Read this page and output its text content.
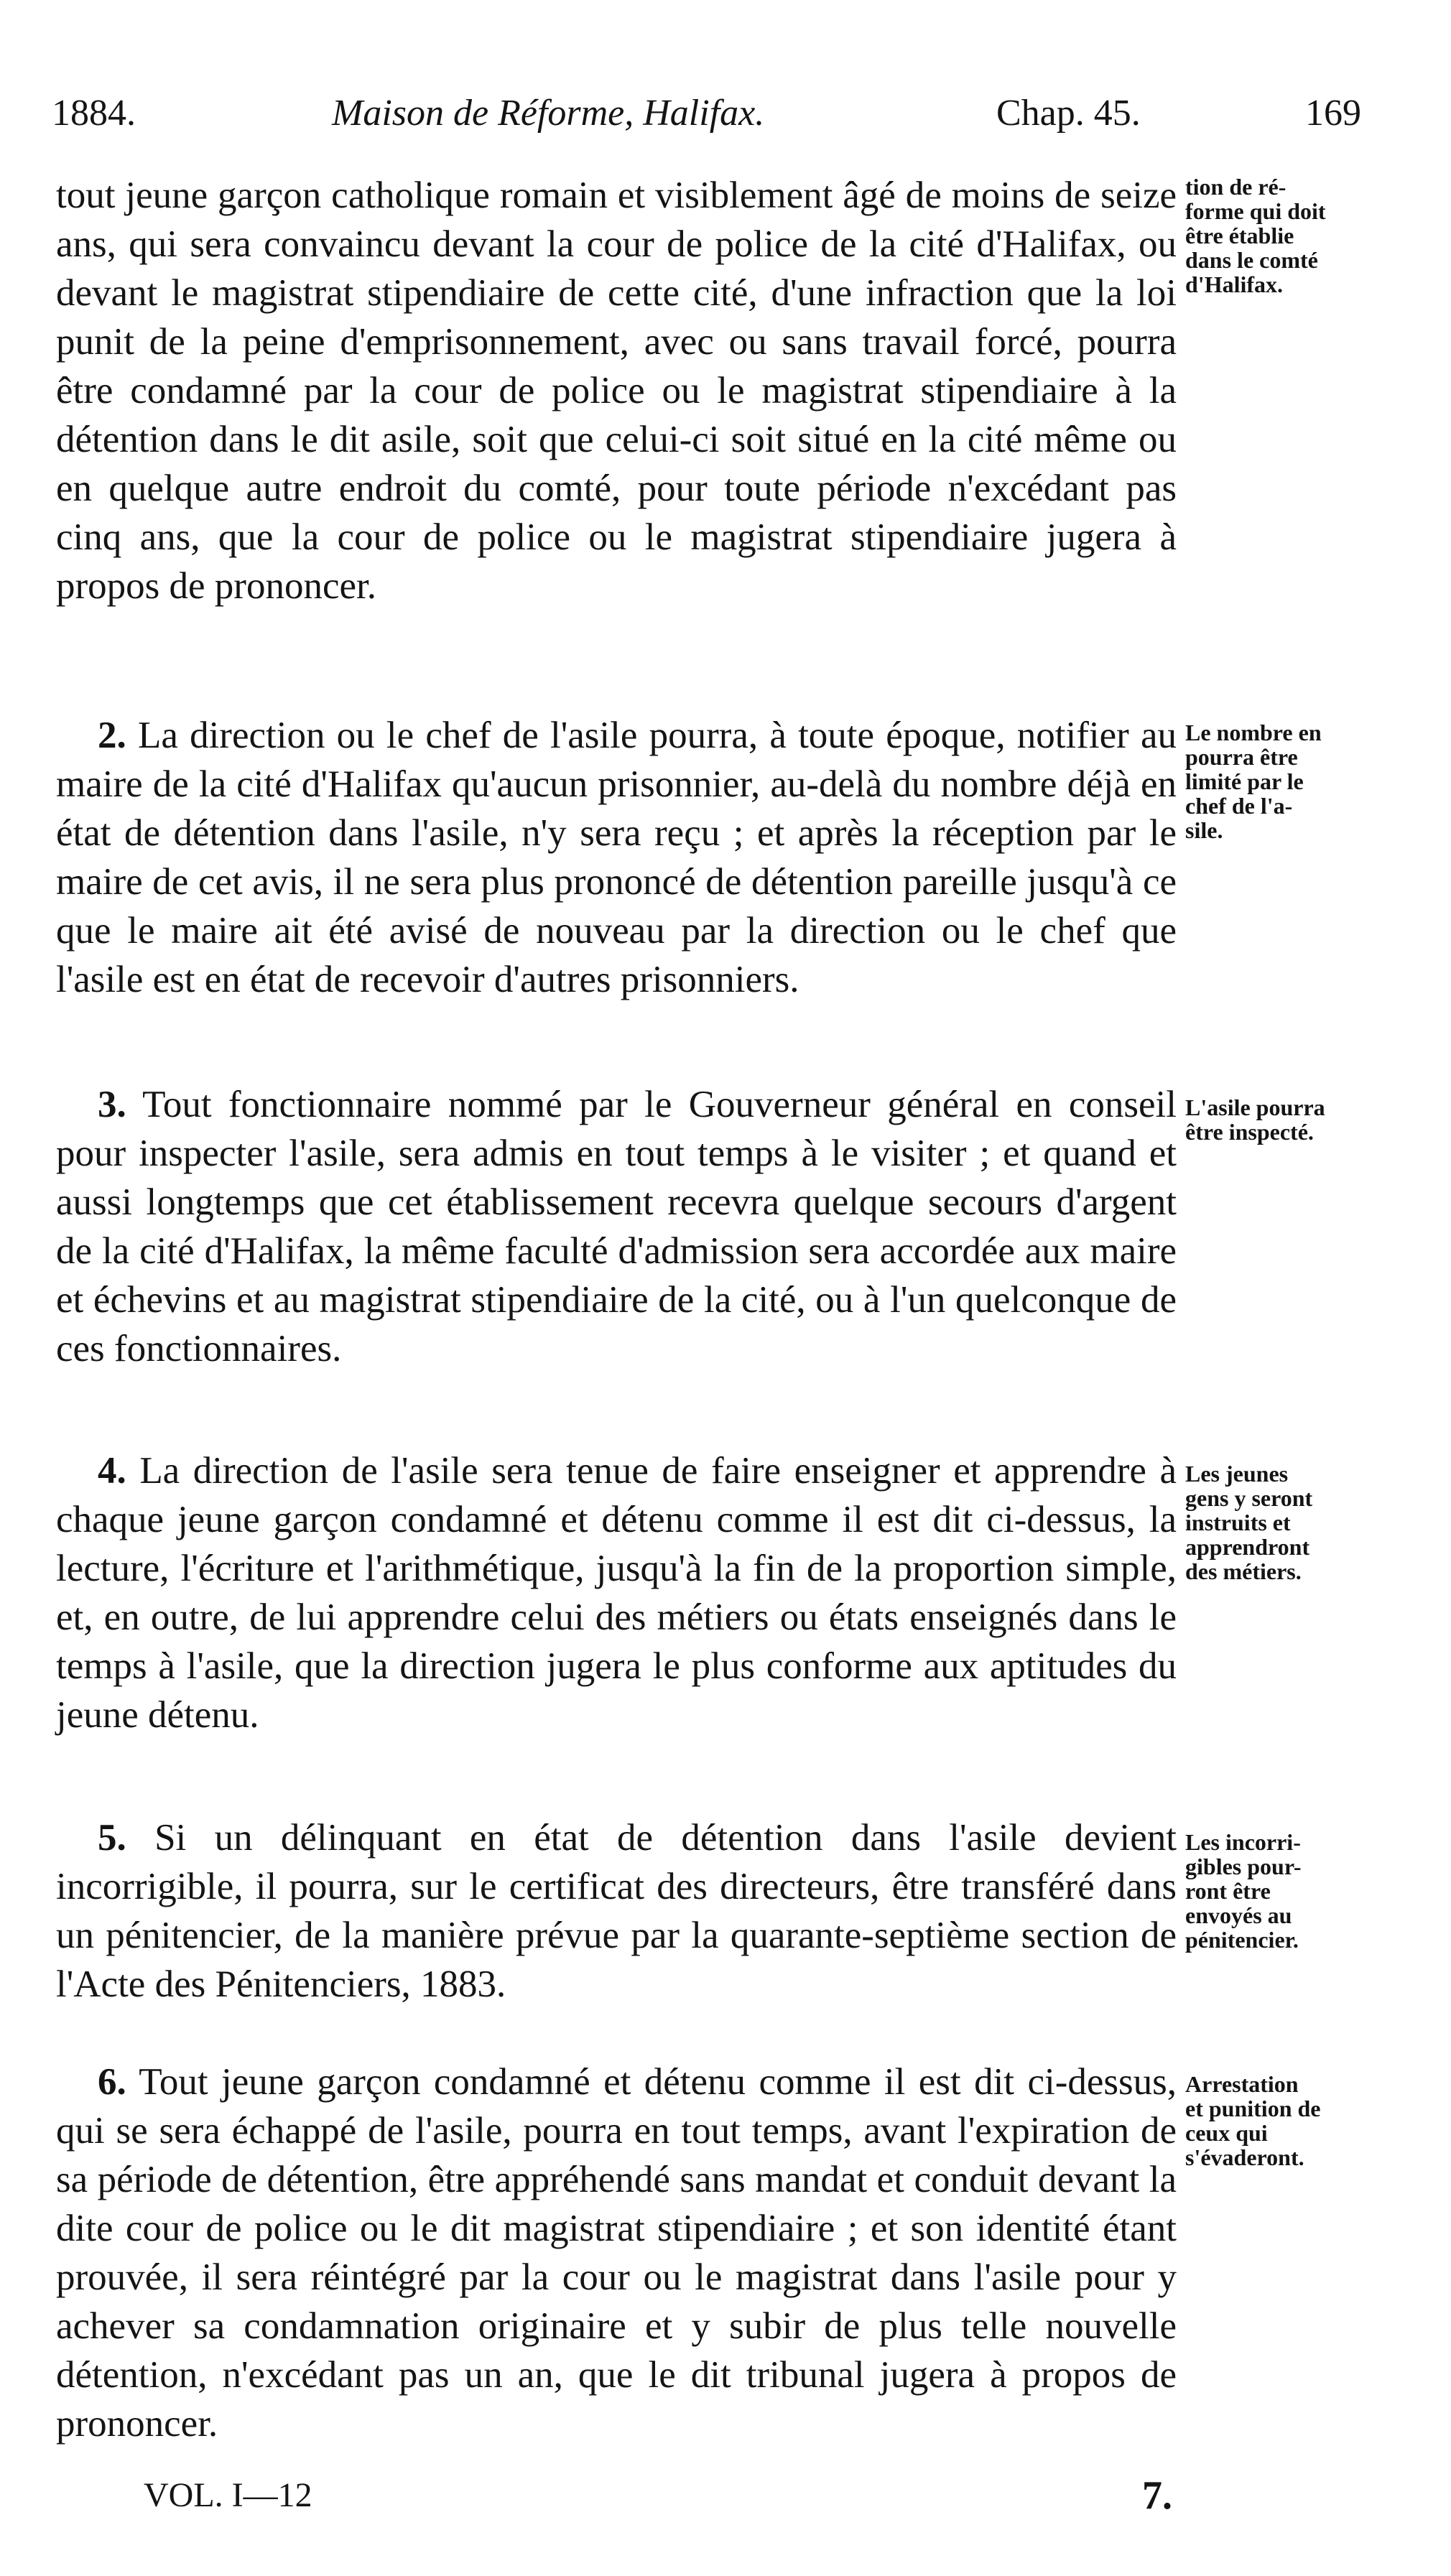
1884.	Maison de Réforme, Halifax.	Chap. 45.	169

tout jeune garçon catholique romain et visiblement âgé de moins de seize ans, qui sera convaincu devant la cour de police de la cité d'Halifax, ou devant le magistrat stipendiaire de cette cité, d'une infraction que la loi punit de la peine d'emprisonnement, avec ou sans travail forcé, pourra être condamné par la cour de police ou le magistrat stipendiaire à la détention dans le dit asile, soit que celui-ci soit situé en la cité même ou en quelque autre endroit du comté, pour toute période n'excédant pas cinq ans, que la cour de police ou le magistrat stipendiaire jugera à propos de prononcer.

tion de ré-
forme qui doit
être établie
dans le comté
d'Halifax.

2. La direction ou le chef de l'asile pourra, à toute époque, notifier au maire de la cité d'Halifax qu'aucun prisonnier, au-delà du nombre déjà en état de détention dans l'asile, n'y sera reçu ; et après la réception par le maire de cet avis, il ne sera plus prononcé de détention pareille jusqu'à ce que le maire ait été avisé de nouveau par la direction ou le chef que l'asile est en état de recevoir d'autres prisonniers.

Le nombre en
pourra être
limité par le
chef de l'a-
sile.

3. Tout fonctionnaire nommé par le Gouverneur général en conseil pour inspecter l'asile, sera admis en tout temps à le visiter ; et quand et aussi longtemps que cet établissement recevra quelque secours d'argent de la cité d'Halifax, la même faculté d'admission sera accordée aux maire et échevins et au magistrat stipendiaire de la cité, ou à l'un quelconque de ces fonctionnaires.

L'asile pourra
être inspecté.

4. La direction de l'asile sera tenue de faire enseigner et apprendre à chaque jeune garçon condamné et détenu comme il est dit ci-dessus, la lecture, l'écriture et l'arithmétique, jusqu'à la fin de la proportion simple, et, en outre, de lui apprendre celui des métiers ou états enseignés dans le temps à l'asile, que la direction jugera le plus conforme aux aptitudes du jeune détenu.

Les jeunes
gens y seront
instruits et
apprendront
des métiers.

5. Si un délinquant en état de détention dans l'asile devient incorrigible, il pourra, sur le certificat des directeurs, être transféré dans un pénitencier, de la manière prévue par la quarante-septième section de l'Acte des Pénitenciers, 1883.

Les incorri-
gibles pour-
ront être
envoyés au
pénitencier.

6. Tout jeune garçon condamné et détenu comme il est dit ci-dessus, qui se sera échappé de l'asile, pourra en tout temps, avant l'expiration de sa période de détention, être appréhendé sans mandat et conduit devant la dite cour de police ou le dit magistrat stipendiaire ; et son identité étant prouvée, il sera réintégré par la cour ou le magistrat dans l'asile pour y achever sa condamnation originaire et y subir de plus telle nouvelle détention, n'excédant pas un an, que le dit tribunal jugera à propos de prononcer.

Arrestation
et punition de
ceux qui
s'évaderont.
VOL. I—12	7.
